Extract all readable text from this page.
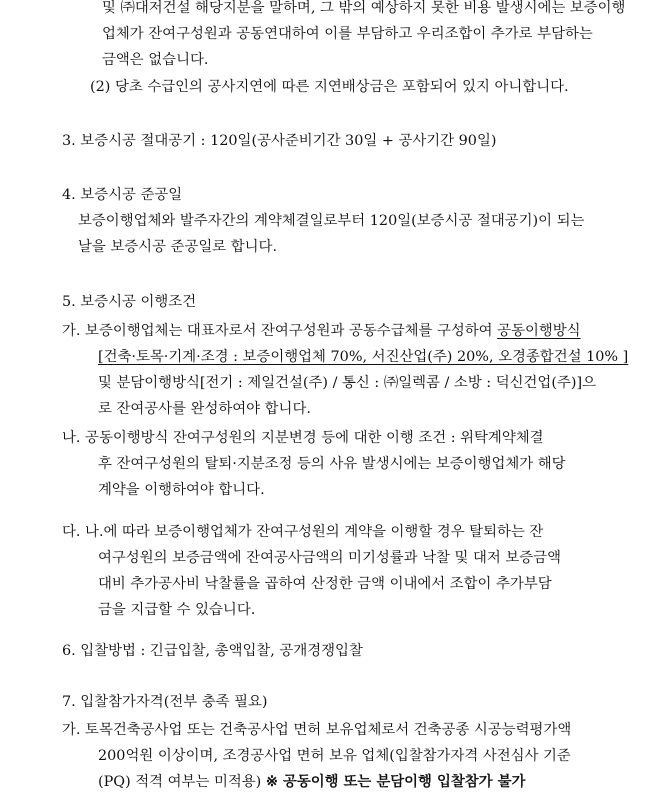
및 ㈜대저건설 해당지분을 말하며, 그 밖의 예상하지 못한 비용 발생시에는 보증이행
업체가 잔여구성원과 공동연대하여 이를 부담하고 우리조합이 추가로 부담하는
금액은 없습니다.
(2) 당초 수급인의 공사지연에 따른 지연배상금은 포함되어 있지 아니합니다.
3. 보증시공 절대공기 : 120일(공사준비기간 30일 + 공사기간 90일)
4. 보증시공 준공일
보증이행업체와 발주자간의 계약체결일로부터 120일(보증시공 절대공기)이 되는
날을 보증시공 준공일로 합니다.
5. 보증시공 이행조건
가. 보증이행업체는 대표자로서 잔여구성원과 공동수급체를 구성하여 공동이행방식
[건축·토목·기계·조경 : 보증이행업체 70%, 서진산업(주) 20%, 오경종합건설 10% ]
및 분담이행방식[전기 : 제일건설(주) / 통신 : ㈜일렉콤 / 소방 : 덕신건업(주)]으
로 잔여공사를 완성하여야 합니다.
나. 공동이행방식 잔여구성원의 지분변경 등에 대한 이행 조건 : 위탁계약체결
후 잔여구성원의 탈퇴·지분조정 등의 사유 발생시에는 보증이행업체가 해당
계약을 이행하여야 합니다.
다. 나.에 따라 보증이행업체가 잔여구성원의 계약을 이행할 경우 탈퇴하는 잔
여구성원의 보증금액에 잔여공사금액의 미기성률과 낙찰 및 대저 보증금액
대비 추가공사비 낙찰률을 곱하여 산정한 금액 이내에서 조합이 추가부담
금을 지급할 수 있습니다.
6. 입찰방법 : 긴급입찰, 총액입찰, 공개경쟁입찰
7. 입찰참가자격(전부 충족 필요)
가. 토목건축공사업 또는 건축공사업 면허 보유업체로서 건축공종 시공능력평가액
200억원 이상이며, 조경공사업 면허 보유 업체(입찰참가자격 사전심사 기준
(PQ) 적격 여부는 미적용) ※ 공동이행 또는 분담이행 입찰참가 불가
